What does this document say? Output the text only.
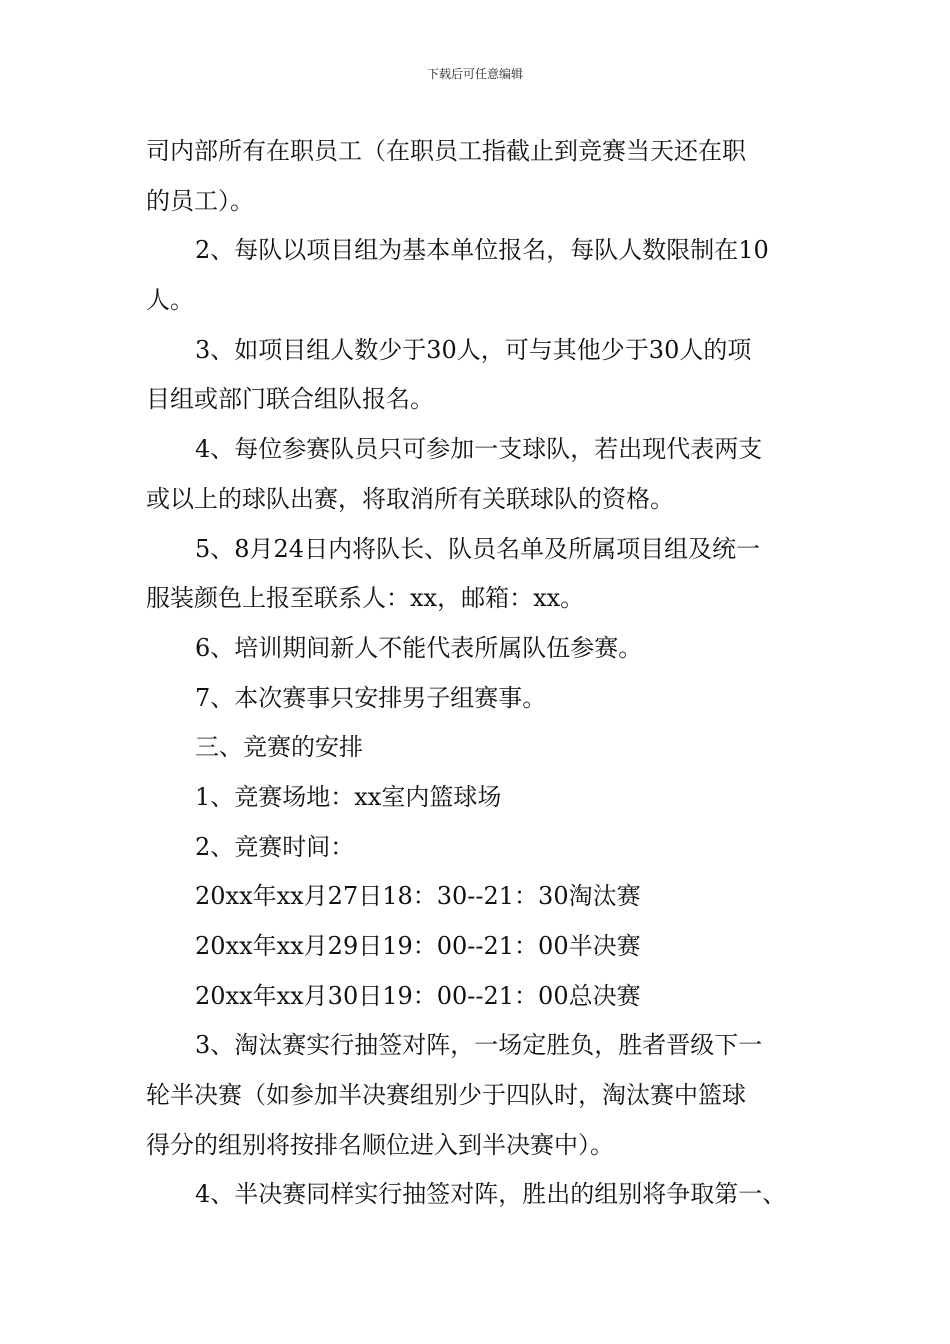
下载后可任意编辑
司内部所有在职员工（在职员工指截止到竞赛当天还在职
的员工）。
2、每队以项目组为基本单位报名，每队人数限制在10
人。
3、如项目组人数少于30人，可与其他少于30人的项
目组或部门联合组队报名。
4、每位参赛队员只可参加一支球队，若出现代表两支
或以上的球队出赛，将取消所有关联球队的资格。
5、8月24日内将队长、队员名单及所属项目组及统一
服装颜色上报至联系人：xx，邮箱：xx。
6、培训期间新人不能代表所属队伍参赛。
7、本次赛事只安排男子组赛事。
三、竞赛的安排
1、竞赛场地：xx室内篮球场
2、竞赛时间：
20xx年xx月27日18：30--21：30淘汰赛
20xx年xx月29日19：00--21：00半决赛
20xx年xx月30日19：00--21：00总决赛
3、淘汰赛实行抽签对阵，一场定胜负，胜者晋级下一
轮半决赛（如参加半决赛组别少于四队时，淘汰赛中篮球
得分的组别将按排名顺位进入到半决赛中）。
4、半决赛同样实行抽签对阵，胜出的组别将争取第一、
